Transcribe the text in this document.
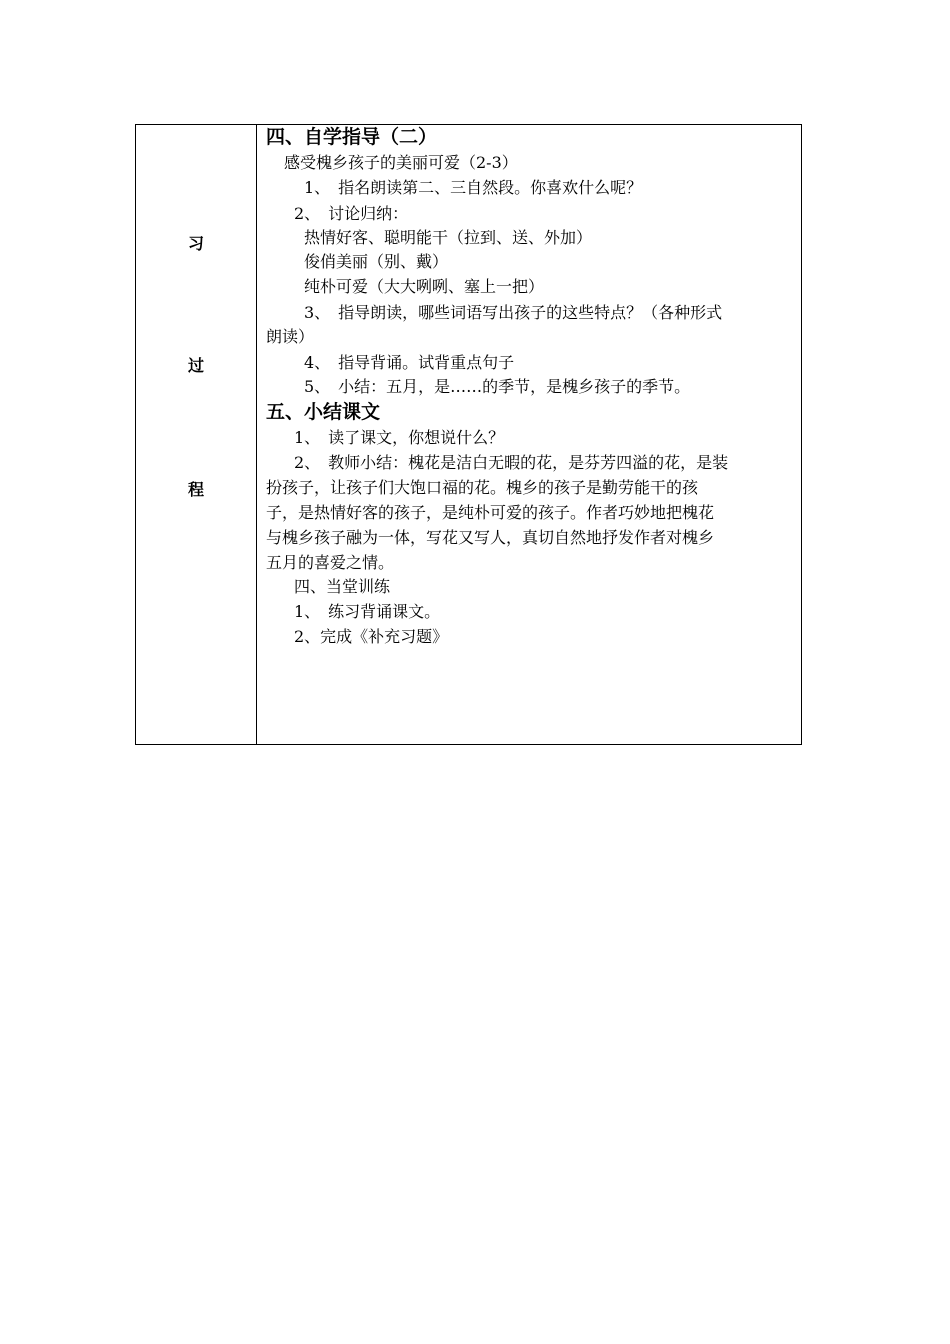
习
过
程
四、自学指导（二）
感受槐乡孩子的美丽可爱（2-3）
1、　指名朗读第二、三自然段。你喜欢什么呢？
2、　讨论归纳：
热情好客、聪明能干（拉到、送、外加）
俊俏美丽（别、戴）
纯朴可爱（大大咧咧、塞上一把）
3、　指导朗读，哪些词语写出孩子的这些特点？（各种形式
朗读）
4、　指导背诵。试背重点句子
5、　小结：五月，是……的季节，是槐乡孩子的季节。
五、小结课文
1、　读了课文，你想说什么？
2、　教师小结：槐花是洁白无暇的花，是芬芳四溢的花，是装
扮孩子，让孩子们大饱口福的花。槐乡的孩子是勤劳能干的孩
子，是热情好客的孩子，是纯朴可爱的孩子。作者巧妙地把槐花
与槐乡孩子融为一体，写花又写人，真切自然地抒发作者对槐乡
五月的喜爱之情。
四、当堂训练
1、　练习背诵课文。
2、完成《补充习题》
